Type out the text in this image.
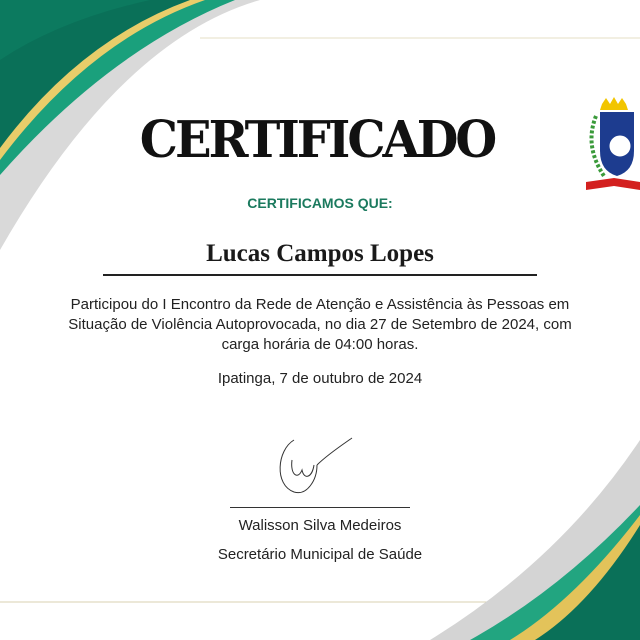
CERTIFICADO
CERTIFICAMOS QUE:
Lucas Campos Lopes
Participou do I Encontro da Rede de Atenção e Assistência às Pessoas em Situação de Violência Autoprovocada, no dia 27 de Setembro de 2024, com carga horária de 04:00 horas.
Ipatinga, 7 de outubro de 2024
Walisson Silva Medeiros
Secretário Municipal de Saúde
